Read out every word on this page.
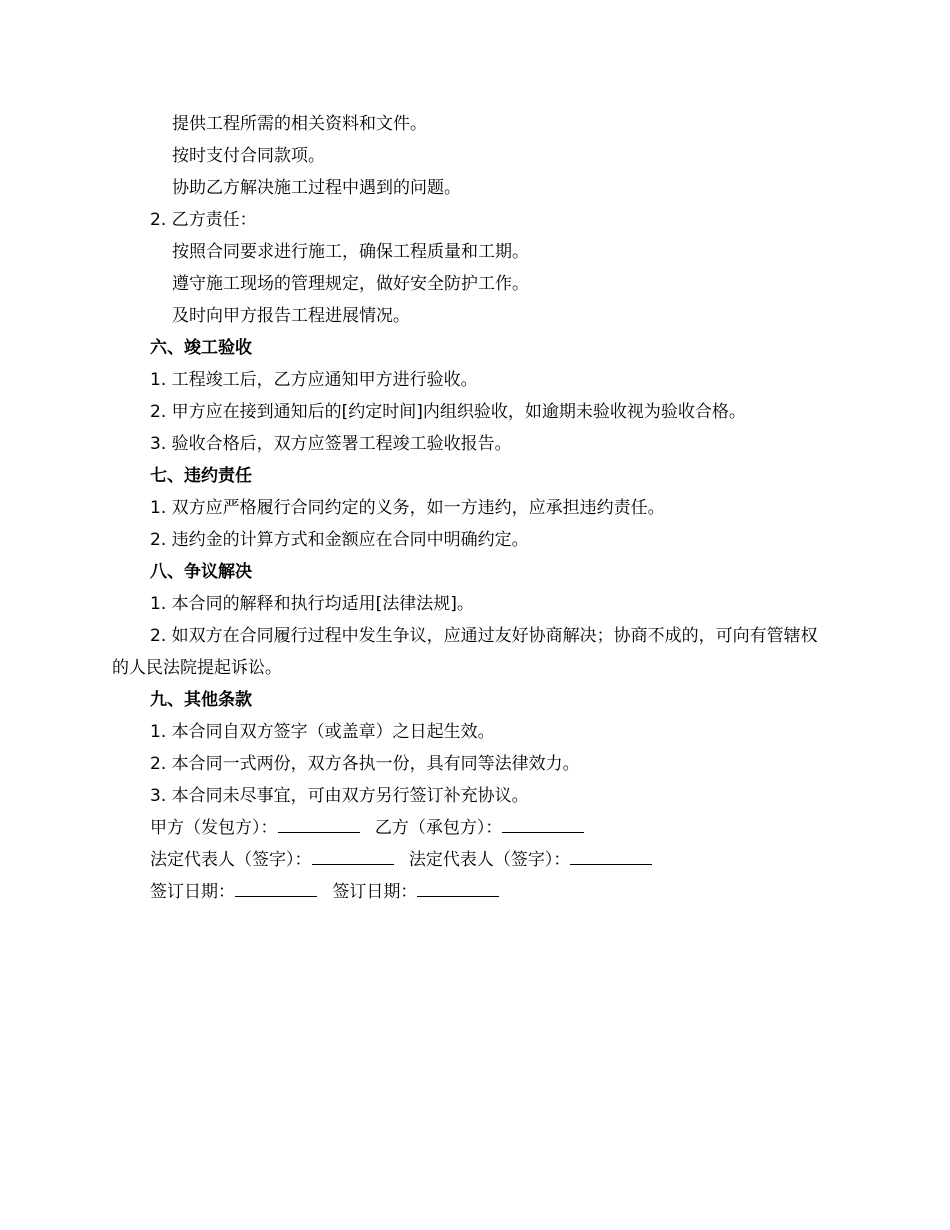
提供工程所需的相关资料和文件。
按时支付合同款项。
协助乙方解决施工过程中遇到的问题。
2. 乙方责任：
按照合同要求进行施工，确保工程质量和工期。
遵守施工现场的管理规定，做好安全防护工作。
及时向甲方报告工程进展情况。
六、竣工验收
1. 工程竣工后，乙方应通知甲方进行验收。
2. 甲方应在接到通知后的[约定时间]内组织验收，如逾期未验收视为验收合格。
3. 验收合格后，双方应签署工程竣工验收报告。
七、违约责任
1. 双方应严格履行合同约定的义务，如一方违约，应承担违约责任。
2. 违约金的计算方式和金额应在合同中明确约定。
八、争议解决
1. 本合同的解释和执行均适用[法律法规]。
2. 如双方在合同履行过程中发生争议，应通过友好协商解决；协商不成的，可向有管辖权的人民法院提起诉讼。
九、其他条款
1. 本合同自双方签字（或盖章）之日起生效。
2. 本合同一式两份，双方各执一份，具有同等法律效力。
3. 本合同未尽事宜，可由双方另行签订补充协议。
甲方（发包方）：	乙方（承包方）：
法定代表人（签字）：	法定代表人（签字）：
签订日期：	签订日期：
